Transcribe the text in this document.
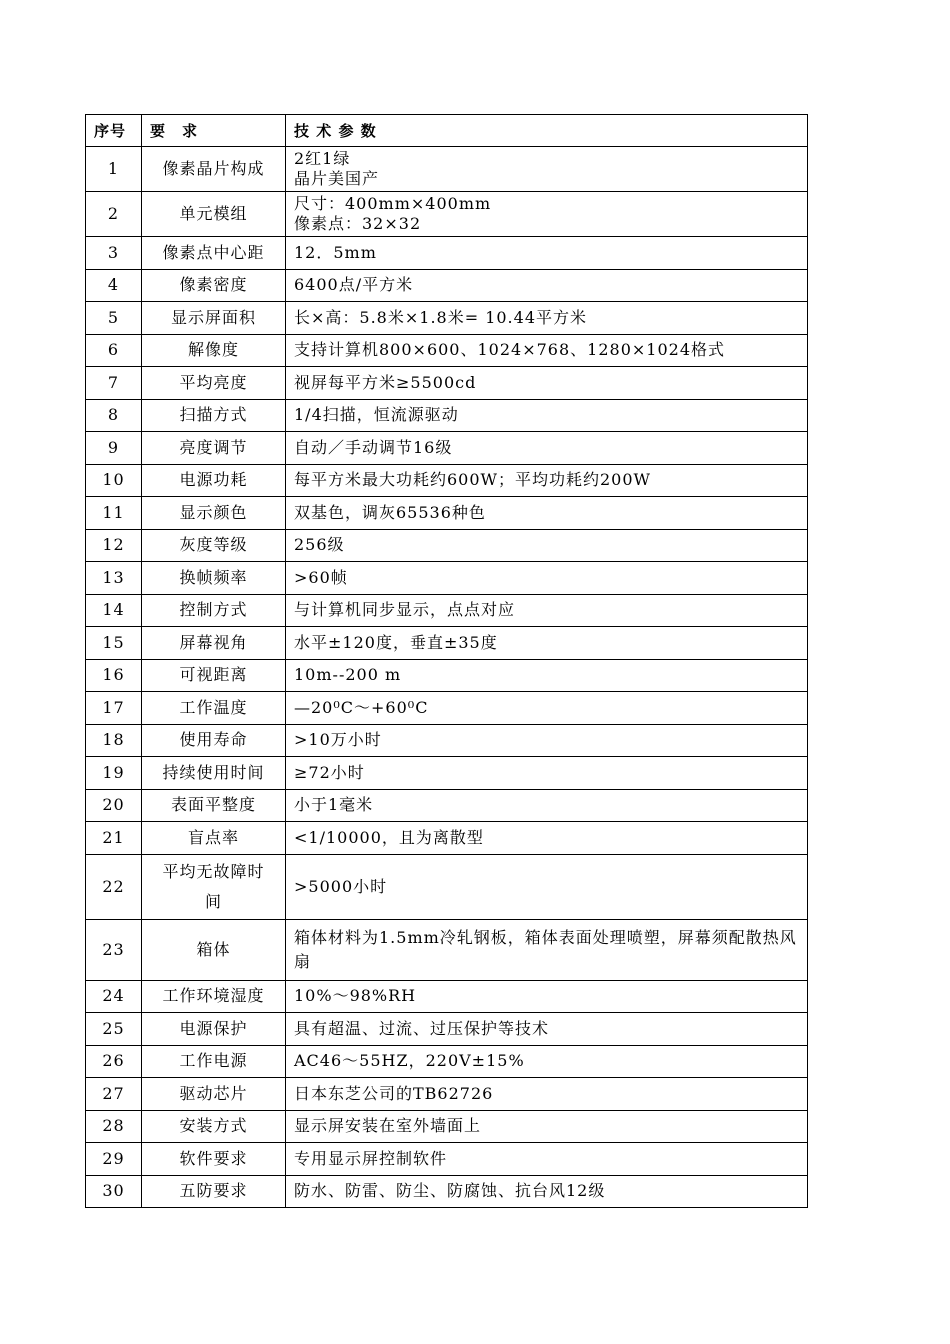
序号	要　求	技 术 参 数
1	像素晶片构成	2红1绿
晶片美国产

2	单元模组	尺寸：400mm×400mm
像素点：32×32

3	像素点中心距	12．5mm

4	像素密度	6400点/平方米

5	显示屏面积	长×高：5.8米×1.8米= 10.44平方米

6	解像度	支持计算机800×600、1024×768、1280×1024格式

7	平均亮度	视屏每平方米≥5500cd

8	扫描方式	1/4扫描，恒流源驱动

9	亮度调节	自动／手动调节16级

10	电源功耗	每平方米最大功耗约600W；平均功耗约200W

11	显示颜色	双基色，调灰65536种色

12	灰度等级	256级

13	换帧频率	>60帧

14	控制方式	与计算机同步显示，点点对应

15	屏幕视角	水平±120度，垂直±35度

16	可视距离	10m--200 m

17	工作温度	—20⁰C～+60⁰C

18	使用寿命	>10万小时

19	持续使用时间	≥72小时

20	表面平整度	小于1毫米

21	盲点率	<1/10000，且为离散型

22	平均无故障时间	>5000小时

23	箱体	箱体材料为1.5mm冷轧钢板，箱体表面处理喷塑，屏幕须配散热风扇

24	工作环境湿度	10%～98%RH

25	电源保护	具有超温、过流、过压保护等技术

26	工作电源	AC46～55HZ，220V±15%

27	驱动芯片	日本东芝公司的TB62726

28	安装方式	显示屏安装在室外墙面上

29	软件要求	专用显示屏控制软件

30	五防要求	防水、防雷、防尘、防腐蚀、抗台风12级
